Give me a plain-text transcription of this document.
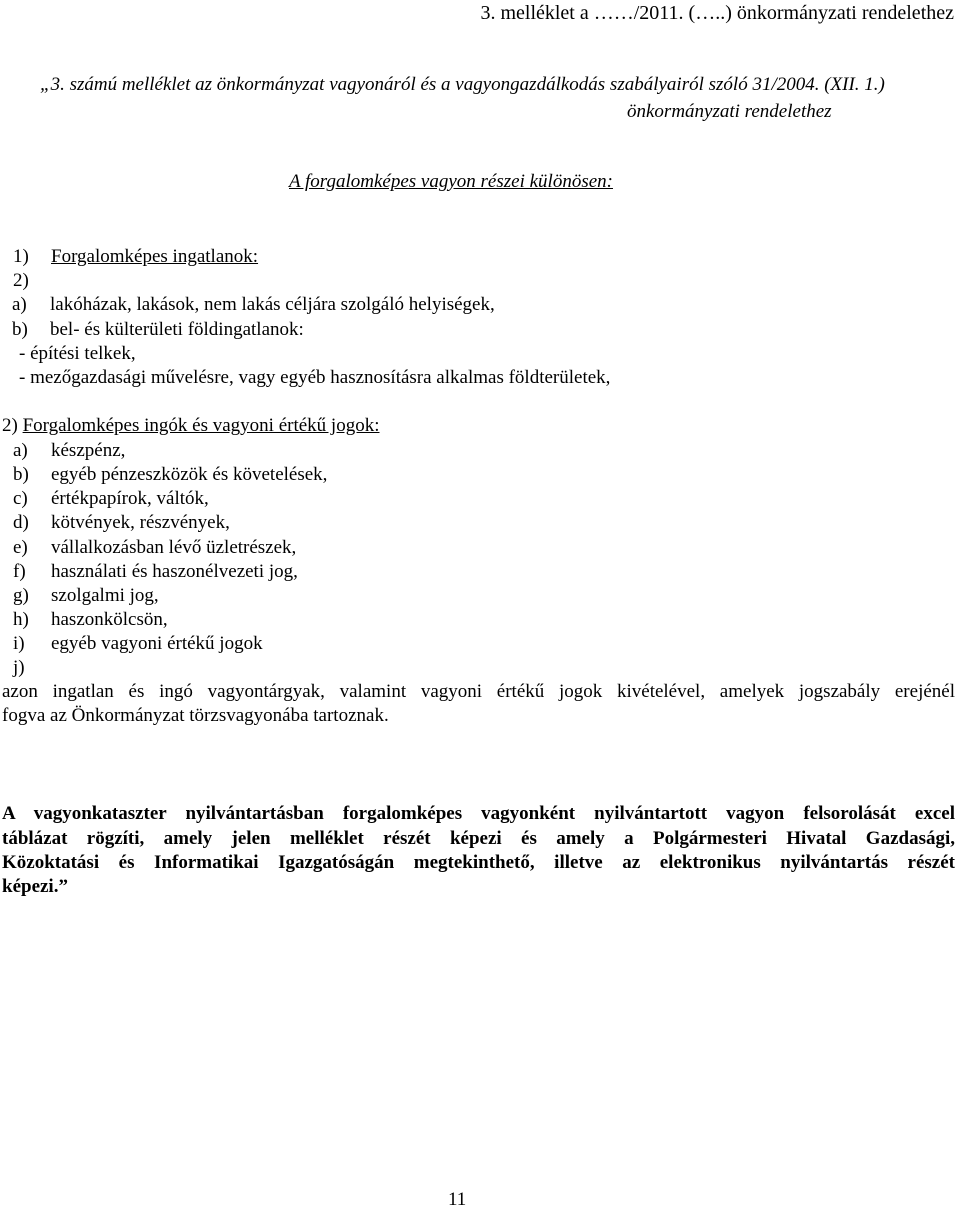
3. melléklet a ……/2011. (…..) önkormányzati rendelethez
„3. számú melléklet az önkormányzat vagyonáról és a vagyongazdálkodás szabályairól szóló 31/2004. (XII. 1.)
önkormányzati rendelethez
A forgalomképes vagyon részei különösen:
1) Forgalomképes ingatlanok:
2)
a) lakóházak, lakások, nem lakás céljára szolgáló helyiségek,
b) bel- és külterületi földingatlanok:
- építési telkek,
- mezőgazdasági művelésre, vagy egyéb hasznosításra alkalmas földterületek,
2) Forgalomképes ingók és vagyoni értékű jogok:
a) készpénz,
b) egyéb pénzeszközök és követelések,
c) értékpapírok, váltók,
d) kötvények, részvények,
e) vállalkozásban lévő üzletrészek,
f) használati és haszonélvezeti jog,
g) szolgalmi jog,
h) haszonkölcsön,
i) egyéb vagyoni értékű jogok
j)
azon ingatlan és ingó vagyontárgyak, valamint vagyoni értékű jogok kivételével, amelyek jogszabály erejénél
fogva az Önkormányzat törzsvagyonába tartoznak.
A vagyonkataszter nyilvántartásban forgalomképes vagyonként nyilvántartott vagyon felsorolását excel
táblázat rögzíti, amely jelen melléklet részét képezi és amely a Polgármesteri Hivatal Gazdasági,
Közoktatási és Informatikai Igazgatóságán megtekinthető, illetve az elektronikus nyilvántartás részét
képezi.”
11
